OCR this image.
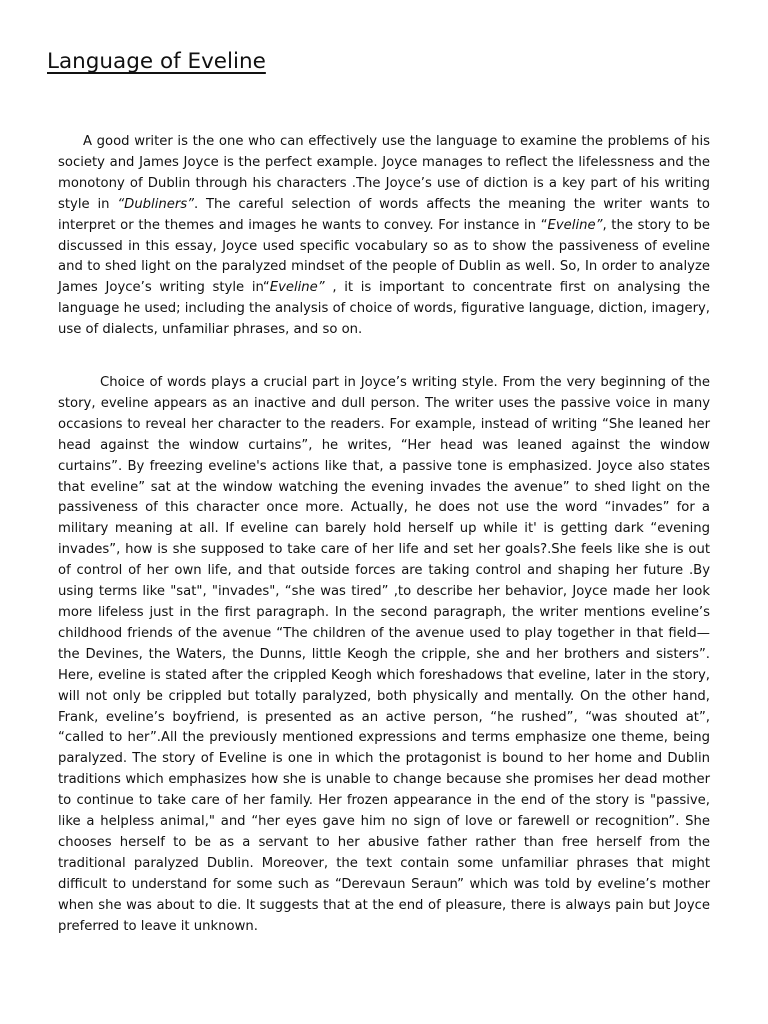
Language of Eveline

A good writer is the one who can effectively use the language to examine the problems of his society and James Joyce is the perfect example. Joyce manages to reflect the lifelessness and the monotony of Dublin through his characters .The Joyce’s use of diction is a key part of his writing style in “Dubliners”. The careful selection of words affects the meaning the writer wants to interpret or the themes and images he wants to convey. For instance in “Eveline”, the story to be discussed in this essay, Joyce used specific vocabulary so as to show the passiveness of eveline and to shed light on the paralyzed mindset of the people of Dublin as well. So, In order to analyze James Joyce’s writing style in“Eveline” , it is important to concentrate first on analysing the language he used; including the analysis of choice of words, figurative language, diction, imagery, use of dialects, unfamiliar phrases, and so on.

Choice of words plays a crucial part in Joyce’s writing style. From the very beginning of the story, eveline appears as an inactive and dull person. The writer uses the passive voice in many occasions to reveal her character to the readers. For example, instead of writing “She leaned her head against the window curtains”, he writes, “Her head was leaned against the window curtains”. By freezing eveline's actions like that, a passive tone is emphasized. Joyce also states that eveline” sat at the window watching the evening invades the avenue” to shed light on the passiveness of this character once more. Actually, he does not use the word “invades” for a military meaning at all. If eveline can barely hold herself up while it' is getting dark “evening invades”, how is she supposed to take care of her life and set her goals?.She feels like she is out of control of her own life, and that outside forces are taking control and shaping her future .By using terms like "sat", "invades", “she was tired” ,to describe her behavior, Joyce made her look more lifeless just in the first paragraph. In the second paragraph, the writer mentions eveline’s childhood friends of the avenue “The children of the avenue used to play together in that field—the Devines, the Waters, the Dunns, little Keogh the cripple, she and her brothers and sisters”. Here, eveline is stated after the crippled Keogh which foreshadows that eveline, later in the story, will not only be crippled but totally paralyzed, both physically and mentally. On the other hand, Frank, eveline’s boyfriend, is presented as an active person, “he rushed”, “was shouted at”, “called to her”.All the previously mentioned expressions and terms emphasize one theme, being paralyzed. The story of Eveline is one in which the protagonist is bound to her home and Dublin traditions which emphasizes how she is unable to change because she promises her dead mother to continue to take care of her family. Her frozen appearance in the end of the story is "passive, like a helpless animal," and “her eyes gave him no sign of love or farewell or recognition”. She chooses herself to be as a servant to her abusive father rather than free herself from the traditional paralyzed Dublin. Moreover, the text contain some unfamiliar phrases that might difficult to understand for some such as “Derevaun Seraun” which was told by eveline’s mother when she was about to die. It suggests that at the end of pleasure, there is always pain but Joyce preferred to leave it unknown.
